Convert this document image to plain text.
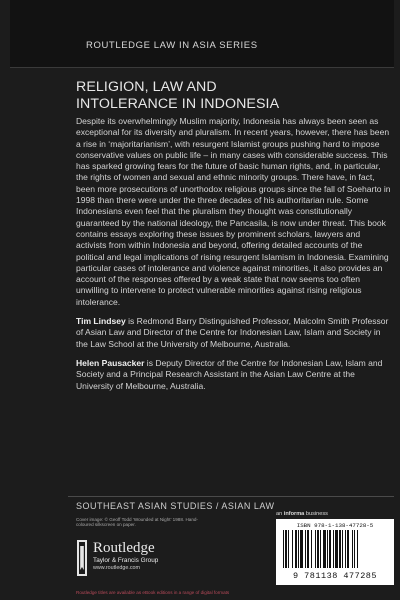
ROUTLEDGE LAW IN ASIA SERIES
RELIGION, LAW AND
INTOLERANCE IN INDONESIA

Despite its overwhelmingly Muslim majority, Indonesia has always been seen as exceptional for its diversity and pluralism. In recent years, however, there has been a rise in ‘majoritarianism’, with resurgent Islamist groups pushing hard to impose conservative values on public life – in many cases with considerable success. This has sparked growing fears for the future of basic human rights, and, in particular, the rights of women and sexual and ethnic minority groups. There have, in fact, been more prosecutions of unorthodox religious groups since the fall of Soeharto in 1998 than there were under the three decades of his authoritarian rule. Some Indonesians even feel that the pluralism they thought was constitutionally guaranteed by the national ideology, the Pancasila, is now under threat. This book contains essays exploring these issues by prominent scholars, lawyers and activists from within Indonesia and beyond, offering detailed accounts of the political and legal implications of rising resurgent Islamism in Indonesia. Examining particular cases of intolerance and violence against minorities, it also provides an account of the responses offered by a weak state that now seems too often unwilling to intervene to protect vulnerable minorities against rising religious intolerance.

Tim Lindsey is Redmond Barry Distinguished Professor, Malcolm Smith Professor of Asian Law and Director of the Centre for Indonesian Law, Islam and Society in the Law School at the University of Melbourne, Australia.

Helen Pausacker is Deputy Director of the Centre for Indonesian Law, Islam and Society and a Principal Research Assistant in the Asian Law Centre at the University of Melbourne, Australia.

SOUTHEAST ASIAN STUDIES / ASIAN LAW
Cover image: © Geoff Todd ‘Wounded at Night’ 1988. Hand-coloured silkscreen on paper.
Routledge
Taylor & Francis Group
www.routledge.com
an informa business
ISBN 978-1-138-47728-5
9 781138 477285
Routledge titles are available as eBook editions in a range of digital formats
